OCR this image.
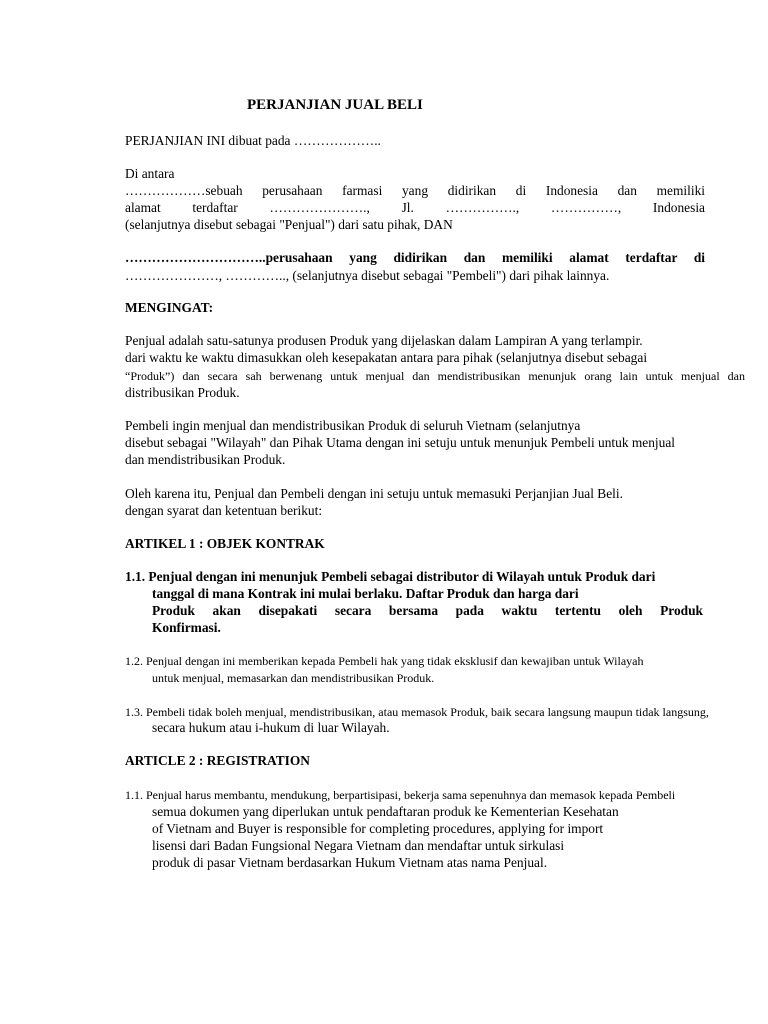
PERJANJIAN JUAL BELI
PERJANJIAN INI dibuat pada ………………..
Di antara
………………sebuah perusahaan farmasi yang didirikan di Indonesia dan memiliki
alamat terdaftar …………………., Jl. ……………., ……………, Indonesia
(selanjutnya disebut sebagai "Penjual") dari satu pihak, DAN
…………………………..perusahaan yang didirikan dan memiliki alamat terdaftar di
…………………, ………….., (selanjutnya disebut sebagai "Pembeli") dari pihak lainnya.
MENGINGAT:
Penjual adalah satu-satunya produsen Produk yang dijelaskan dalam Lampiran A yang terlampir.
dari waktu ke waktu dimasukkan oleh kesepakatan antara para pihak (selanjutnya disebut sebagai
“Produk”) dan secara sah berwenang untuk menjual dan mendistribusikan menunjuk orang lain untuk menjual dan
distribusikan Produk.
Pembeli ingin menjual dan mendistribusikan Produk di seluruh Vietnam (selanjutnya
disebut sebagai "Wilayah" dan Pihak Utama dengan ini setuju untuk menunjuk Pembeli untuk menjual
dan mendistribusikan Produk.
Oleh karena itu, Penjual dan Pembeli dengan ini setuju untuk memasuki Perjanjian Jual Beli.
dengan syarat dan ketentuan berikut:
ARTIKEL 1 : OBJEK KONTRAK
1.1. Penjual dengan ini menunjuk Pembeli sebagai distributor di Wilayah untuk Produk dari
tanggal di mana Kontrak ini mulai berlaku. Daftar Produk dan harga dari
Produk akan disepakati secara bersama pada waktu tertentu oleh Produk
Konfirmasi.
1.2. Penjual dengan ini memberikan kepada Pembeli hak yang tidak eksklusif dan kewajiban untuk Wilayah
untuk menjual, memasarkan dan mendistribusikan Produk.
1.3. Pembeli tidak boleh menjual, mendistribusikan, atau memasok Produk, baik secara langsung maupun tidak langsung,
secara hukum atau i-hukum di luar Wilayah.
ARTICLE 2 : REGISTRATION
1.1. Penjual harus membantu, mendukung, berpartisipasi, bekerja sama sepenuhnya dan memasok kepada Pembeli
semua dokumen yang diperlukan untuk pendaftaran produk ke Kementerian Kesehatan
of Vietnam and Buyer is responsible for completing procedures, applying for import
lisensi dari Badan Fungsional Negara Vietnam dan mendaftar untuk sirkulasi
produk di pasar Vietnam berdasarkan Hukum Vietnam atas nama Penjual.
